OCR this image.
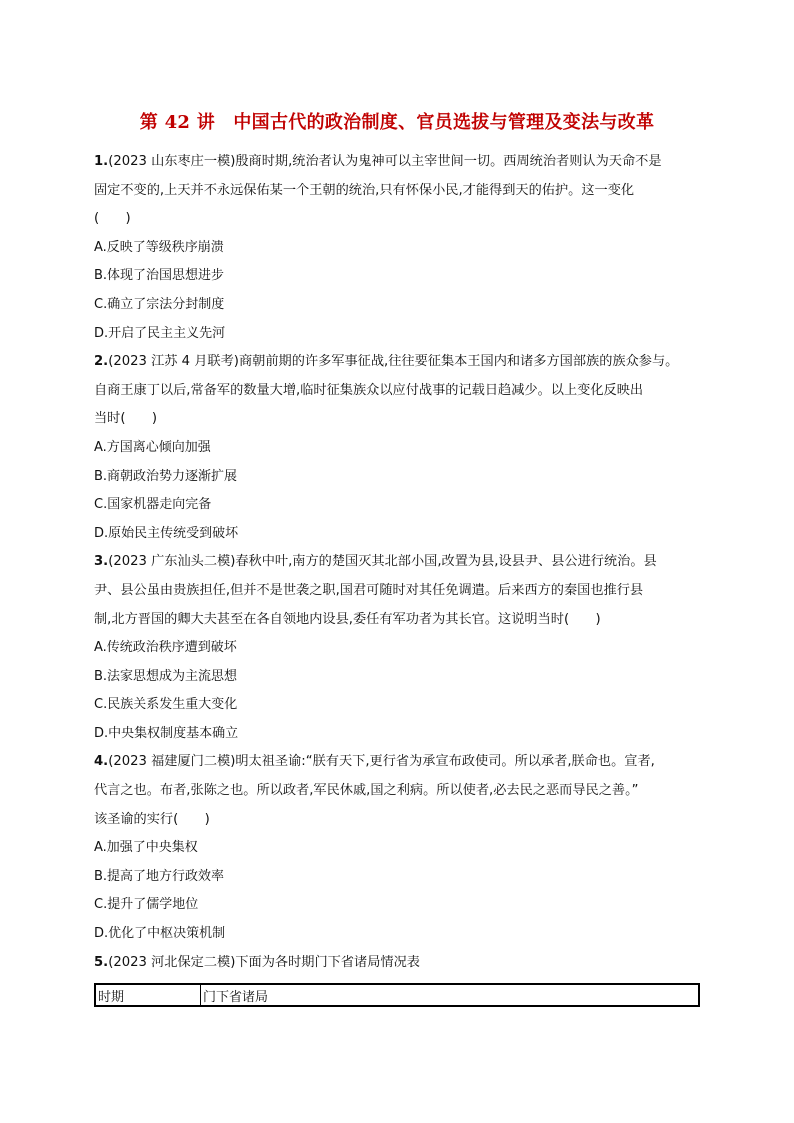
第 42 讲　中国古代的政治制度、官员选拔与管理及变法与改革
1.(2023 山东枣庄一模)殷商时期,统治者认为鬼神可以主宰世间一切。西周统治者则认为天命不是
固定不变的,上天并不永远保佑某一个王朝的统治,只有怀保小民,才能得到天的佑护。这一变化
(　　)
A.反映了等级秩序崩溃
B.体现了治国思想进步
C.确立了宗法分封制度
D.开启了民主主义先河
2.(2023 江苏 4 月联考)商朝前期的许多军事征战,往往要征集本王国内和诸多方国部族的族众参与。
自商王康丁以后,常备军的数量大增,临时征集族众以应付战事的记载日趋减少。以上变化反映出
当时(　　)
A.方国离心倾向加强
B.商朝政治势力逐渐扩展
C.国家机器走向完备
D.原始民主传统受到破坏
3.(2023 广东汕头二模)春秋中叶,南方的楚国灭其北部小国,改置为县,设县尹、县公进行统治。县
尹、县公虽由贵族担任,但并不是世袭之职,国君可随时对其任免调遣。后来西方的秦国也推行县
制,北方晋国的卿大夫甚至在各自领地内设县,委任有军功者为其长官。这说明当时(　　)
A.传统政治秩序遭到破坏
B.法家思想成为主流思想
C.民族关系发生重大变化
D.中央集权制度基本确立
4.(2023 福建厦门二模)明太祖圣谕:“朕有天下,更行省为承宣布政使司。所以承者,朕命也。宣者,
代言之也。布者,张陈之也。所以政者,军民休戚,国之利病。所以使者,必去民之恶而导民之善。”
该圣谕的实行(　　)
A.加强了中央集权
B.提高了地方行政效率
C.提升了儒学地位
D.优化了中枢决策机制
5.(2023 河北保定二模)下面为各时期门下省诸局情况表
时期	门下省诸局
